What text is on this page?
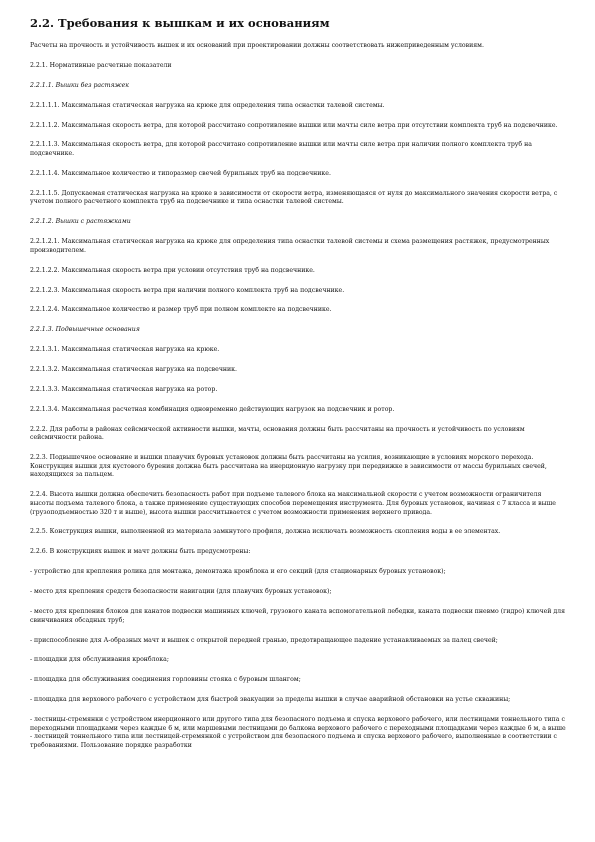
2.2. Требования к вышкам и их основаниям

Расчеты на прочность и устойчивость вышек и их оснований при проектировании должны соответствовать нижеприведенным условиям.

2.2.1. Нормативные расчетные показатели

2.2.1.1. Вышки без растяжек

2.2.1.1.1. Максимальная статическая нагрузка на крюке для определения типа оснастки талевой системы.

2.2.1.1.2. Максимальная скорость ветра, для которой рассчитано сопротивление вышки или мачты силе ветра при отсутствии комплекта труб на подсвечнике.

2.2.1.1.3. Максимальная скорость ветра, для которой рассчитано сопротивление вышки или мачты силе ветра при наличии полного комплекта труб на подсвечнике.

2.2.1.1.4. Максимальное количество и типоразмер свечей бурильных труб на подсвечнике.

2.2.1.1.5. Допускаемая статическая нагрузка на крюке в зависимости от скорости ветра, изменяющаяся от нуля до максимального значения скорости ветра, с учетом полного расчетного комплекта труб на подсвечнике и типа оснастки талевой системы.

2.2.1.2. Вышки с растяжками

2.2.1.2.1. Максимальная статическая нагрузка на крюке для определения типа оснастки талевой системы и схема размещения растяжек, предусмотренных производителем.

2.2.1.2.2. Максимальная скорость ветра при условии отсутствия труб на подсвечнике.

2.2.1.2.3. Максимальная скорость ветра при наличии полного комплекта труб на подсвечнике.

2.2.1.2.4. Максимальное количество и размер труб при полном комплекте на подсвечнике.

2.2.1.3. Подвышечные основания

2.2.1.3.1. Максимальная статическая нагрузка на крюке.

2.2.1.3.2. Максимальная статическая нагрузка на подсвечник.

2.2.1.3.3. Максимальная статическая нагрузка на ротор.

2.2.1.3.4. Максимальная расчетная комбинация одновременно действующих нагрузок на подсвечник и ротор.

2.2.2. Для работы в районах сейсмической активности вышки, мачты, основания должны быть рассчитаны на прочность и устойчивость по условиям сейсмичности района.

2.2.3. Подвышечное основание и вышки плавучих буровых установок должны быть рассчитаны на усилия, возникающие в условиях морского перехода. Конструкция вышки для кустового бурения должна быть рассчитана на инерционную нагрузку при передвижке в зависимости от массы бурильных свечей, находящихся за пальцем.

2.2.4. Высота вышки должна обеспечить безопасность работ при подъеме талевого блока на максимальной скорости с учетом возможности ограничителя высоты подъема талевого блока, а также применение существующих способов перемещения инструмента. Для буровых установок, начиная с 7 класса и выше (грузоподъемностью 320 т и выше), высота вышки рассчитывается с учетом возможности применения верхнего привода.

2.2.5. Конструкция вышки, выполненной из материала замкнутого профиля, должна исключать возможность скопления воды в ее элементах.

2.2.6. В конструкциях вышек и мачт должны быть предусмотрены:

- устройство для крепления ролика для монтажа, демонтажа кронблока и его секций (для стационарных буровых установок);

- место для крепления средств безопасности навигации (для плавучих буровых установок);

- место для крепления блоков для канатов подвески машинных ключей, грузового каната вспомогательной лебедки, каната подвески пневмо (гидро) ключей для свинчивания обсадных труб;

- приспособление для А-образных мачт и вышек с открытой передней гранью, предотвращающее падение устанавливаемых за палец свечей;

- площадки для обслуживания кронблока;

- площадка для обслуживания соединения горловины стояка с буровым шлангом;

- площадка для верхового рабочего с устройством для быстрой эвакуации за пределы вышки в случае аварийной обстановки на устье скважины;

- лестницы-стремянки с устройством инерционного или другого типа для безопасного подъема и спуска верхового рабочего, или лестницами тоннельного типа с переходными площадками через каждые 6 м, или маршевыми лестницами до балкона верхового рабочего с переходными площадками через каждые 6 м, а выше - лестницей тоннельного типа или лестницей-стремянкой с устройством для безопасного подъема и спуска верхового рабочего, выполненные в соответствии с требованиями. Пользование порядке разработки
